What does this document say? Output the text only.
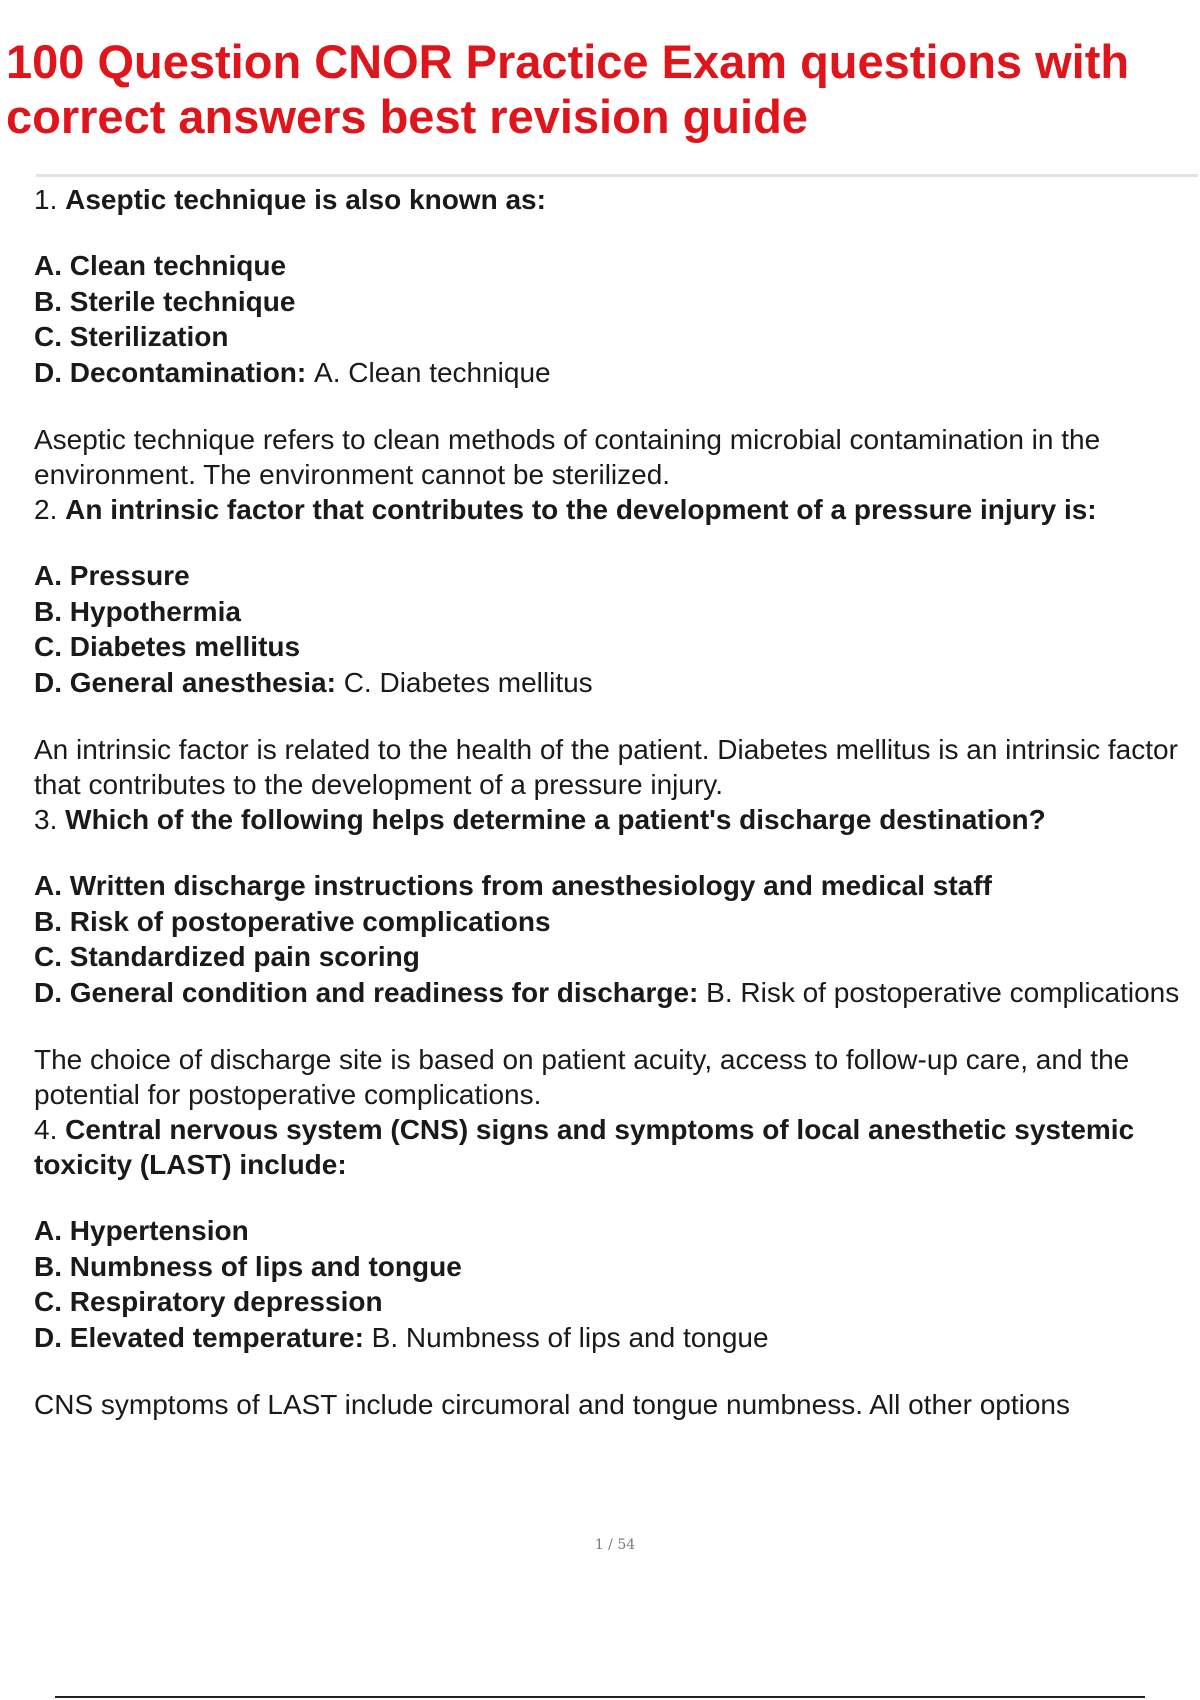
100 Question CNOR Practice Exam questions with correct answers best revision guide
1. Aseptic technique is also known as:
A. Clean technique
B. Sterile technique
C. Sterilization
D. Decontamination: A. Clean technique
Aseptic technique refers to clean methods of containing microbial contamination in the environment. The environment cannot be sterilized.
2. An intrinsic factor that contributes to the development of a pressure injury is:
A. Pressure
B. Hypothermia
C. Diabetes mellitus
D. General anesthesia: C. Diabetes mellitus
An intrinsic factor is related to the health of the patient. Diabetes mellitus is an intrinsic factor that contributes to the development of a pressure injury.
3. Which of the following helps determine a patient's discharge destination?
A. Written discharge instructions from anesthesiology and medical staff
B. Risk of postoperative complications
C. Standardized pain scoring
D. General condition and readiness for discharge: B. Risk of postoperative complications
The choice of discharge site is based on patient acuity, access to follow-up care, and the potential for postoperative complications.
4. Central nervous system (CNS) signs and symptoms of local anesthetic systemic toxicity (LAST) include:
A. Hypertension
B. Numbness of lips and tongue
C. Respiratory depression
D. Elevated temperature: B. Numbness of lips and tongue
CNS symptoms of LAST include circumoral and tongue numbness. All other options
1 / 54
